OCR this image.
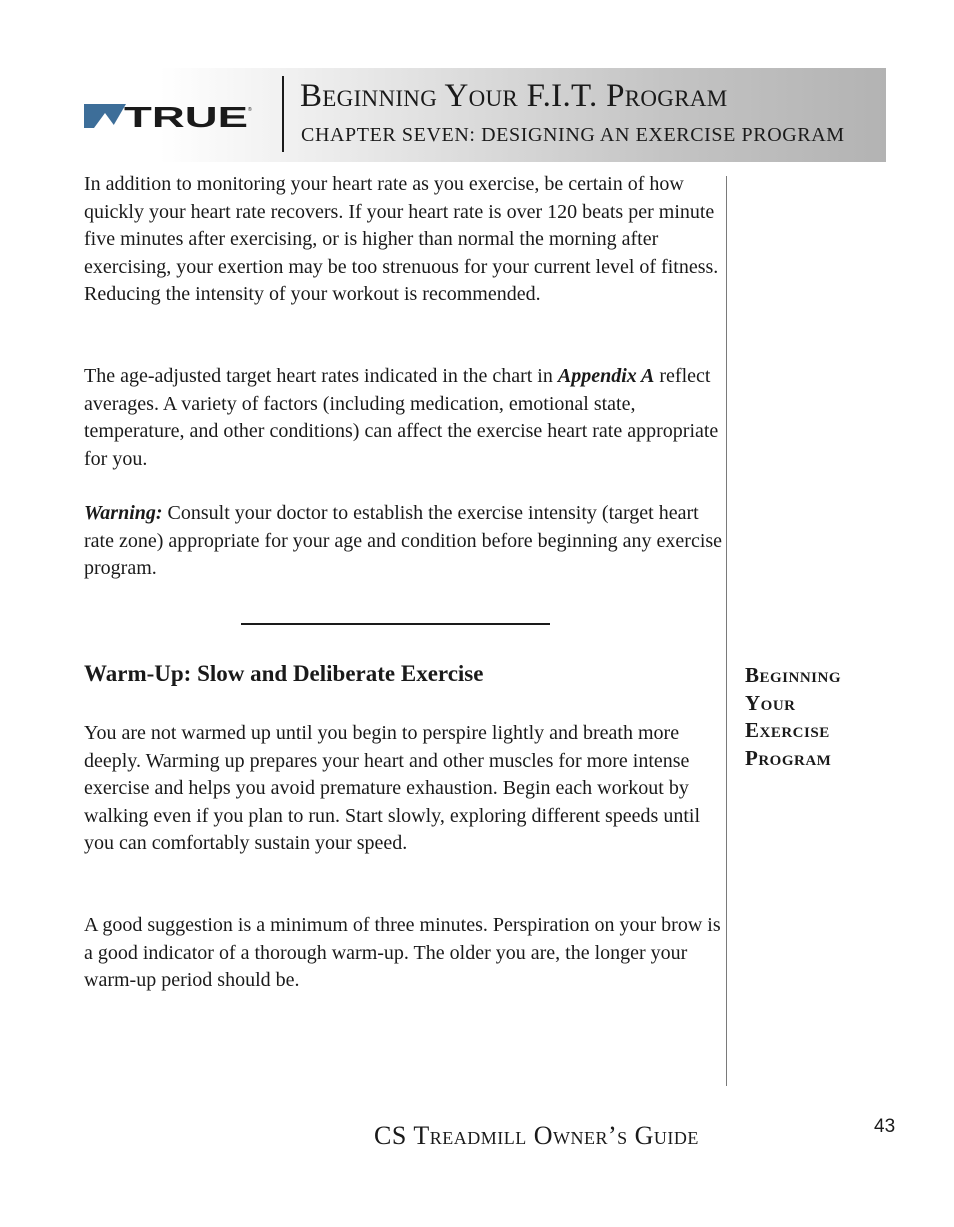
TRUE ® Beginning Your F.I.T. Program
CHAPTER SEVEN: DESIGNING AN EXERCISE PROGRAM

In addition to monitoring your heart rate as you exercise, be certain of how quickly your heart rate recovers. If your heart rate is over 120 beats per minute five minutes after exercising, or is higher than normal the morning after exercising, your exertion may be too strenuous for your current level of fitness. Reducing the intensity of your workout is recommended.

The age-adjusted target heart rates indicated in the chart in Appendix A reflect averages. A variety of factors (including medication, emotional state, temperature, and other conditions) can affect the exercise heart rate appropriate for you.

Warning: Consult your doctor to establish the exercise intensity (target heart rate zone) appropriate for your age and condition before beginning any exercise program.

Warm-Up: Slow and Deliberate Exercise

You are not warmed up until you begin to perspire lightly and breath more deeply. Warming up prepares your heart and other muscles for more intense exercise and helps you avoid premature exhaustion. Begin each workout by walking even if you plan to run. Start slowly, exploring different speeds until you can comfortably sustain your speed.

A good suggestion is a minimum of three minutes. Perspiration on your brow is a good indicator of a thorough warm-up. The older you are, the longer your warm-up period should be.

Beginning
Your
Exercise
Program
CS Treadmill Owner’s Guide	43
